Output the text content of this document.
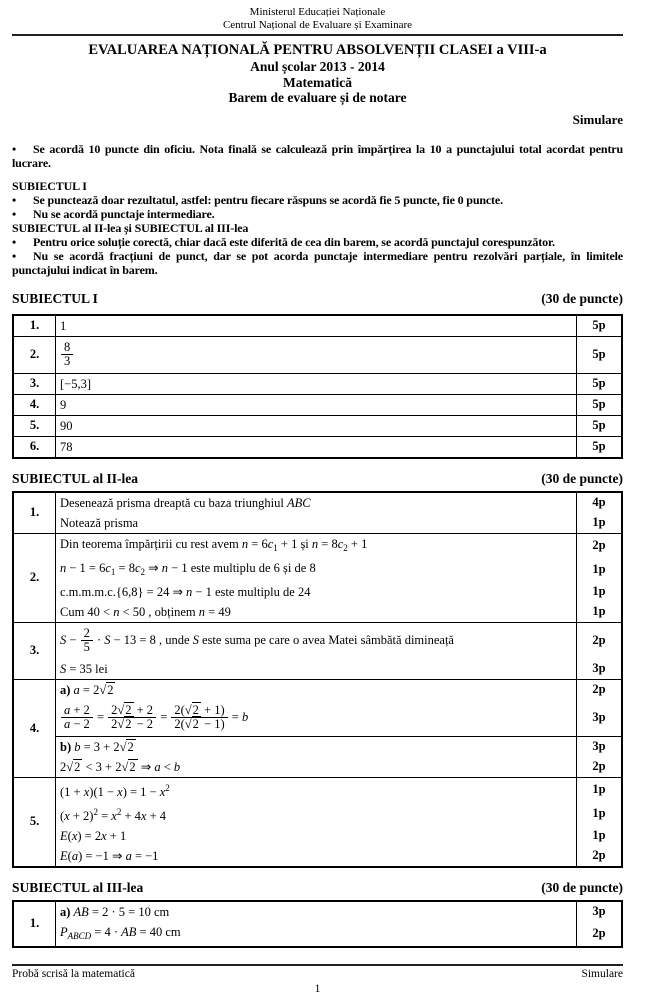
Ministerul Educației Naționale
Centrul Național de Evaluare și Examinare
EVALUAREA NAȚIONALĂ PENTRU ABSOLVENȚII CLASEI a VIII-a
Anul școlar 2013 - 2014
Matematică
Barem de evaluare și de notare
Simulare
• Se acordă 10 puncte din oficiu. Nota finală se calculează prin împărțirea la 10 a punctajului total acordat pentru lucrare.
SUBIECTUL I
• Se punctează doar rezultatul, astfel: pentru fiecare răspuns se acordă fie 5 puncte, fie 0 puncte.
• Nu se acordă punctaje intermediare.
SUBIECTUL al II-lea și SUBIECTUL al III-lea
• Pentru orice soluție corectă, chiar dacă este diferită de cea din barem, se acordă punctajul corespunzător.
• Nu se acordă fracțiuni de punct, dar se pot acorda punctaje intermediare pentru rezolvări parțiale, în limitele punctajului indicat în barem.
SUBIECTUL I	(30 de puncte)
1.	1	5p
2.	$\frac{8}{3}$	5p
3.	[−5,3]	5p
4.	9	5p
5.	90	5p
6.	78	5p
SUBIECTUL al II-lea	(30 de puncte)
1.	Desenează prisma dreaptă cu baza triunghiul ABC	4p
	Notează prisma	1p
2.	Din teorema împărțirii cu rest avem $n = 6c_1 + 1$ și $n = 8c_2 + 1$	2p
	$n - 1 = 6c_1 = 8c_2$ ⇒ n − 1 este multiplu de 6 și de 8	1p
	c.m.m.m.c.{6,8} = 24 ⇒ n − 1 este multiplu de 24	1p
	Cum 40 < n < 50 , obținem n = 49	1p
3.	$S - \frac{2}{5} \cdot S - 13 = 8$ , unde S este suma pe care o avea Matei sâmbătă dimineață	2p
	S = 35 lei	3p
4.	a) a = 2√2	2p

$\frac{a + 2}{a - 2} = \frac{2√2 + 2}{2√2 - 2} = \frac{2(√2 + 1)}{2(√2 - 1)} = b$	3p
	b) b = 3 + 2√2	3p
	2√2 < 3 + 2√2 ⇒ a < b	2p
5.	$(1 + x)(1 - x) = 1 - x^2$	1p
	$(x + 2)^2 = x^2 + 4x + 4$	1p
	E(x) = 2x + 1	1p
	E(a) = −1 ⇒ a = −1	2p
SUBIECTUL al III-lea	(30 de puncte)
1.	a) AB = 2 · 5 = 10 cm	3p
	$P_{ABCD} = 4$ · AB = 40 cm	2p
Probă scrisă la matematică	Simulare
1
